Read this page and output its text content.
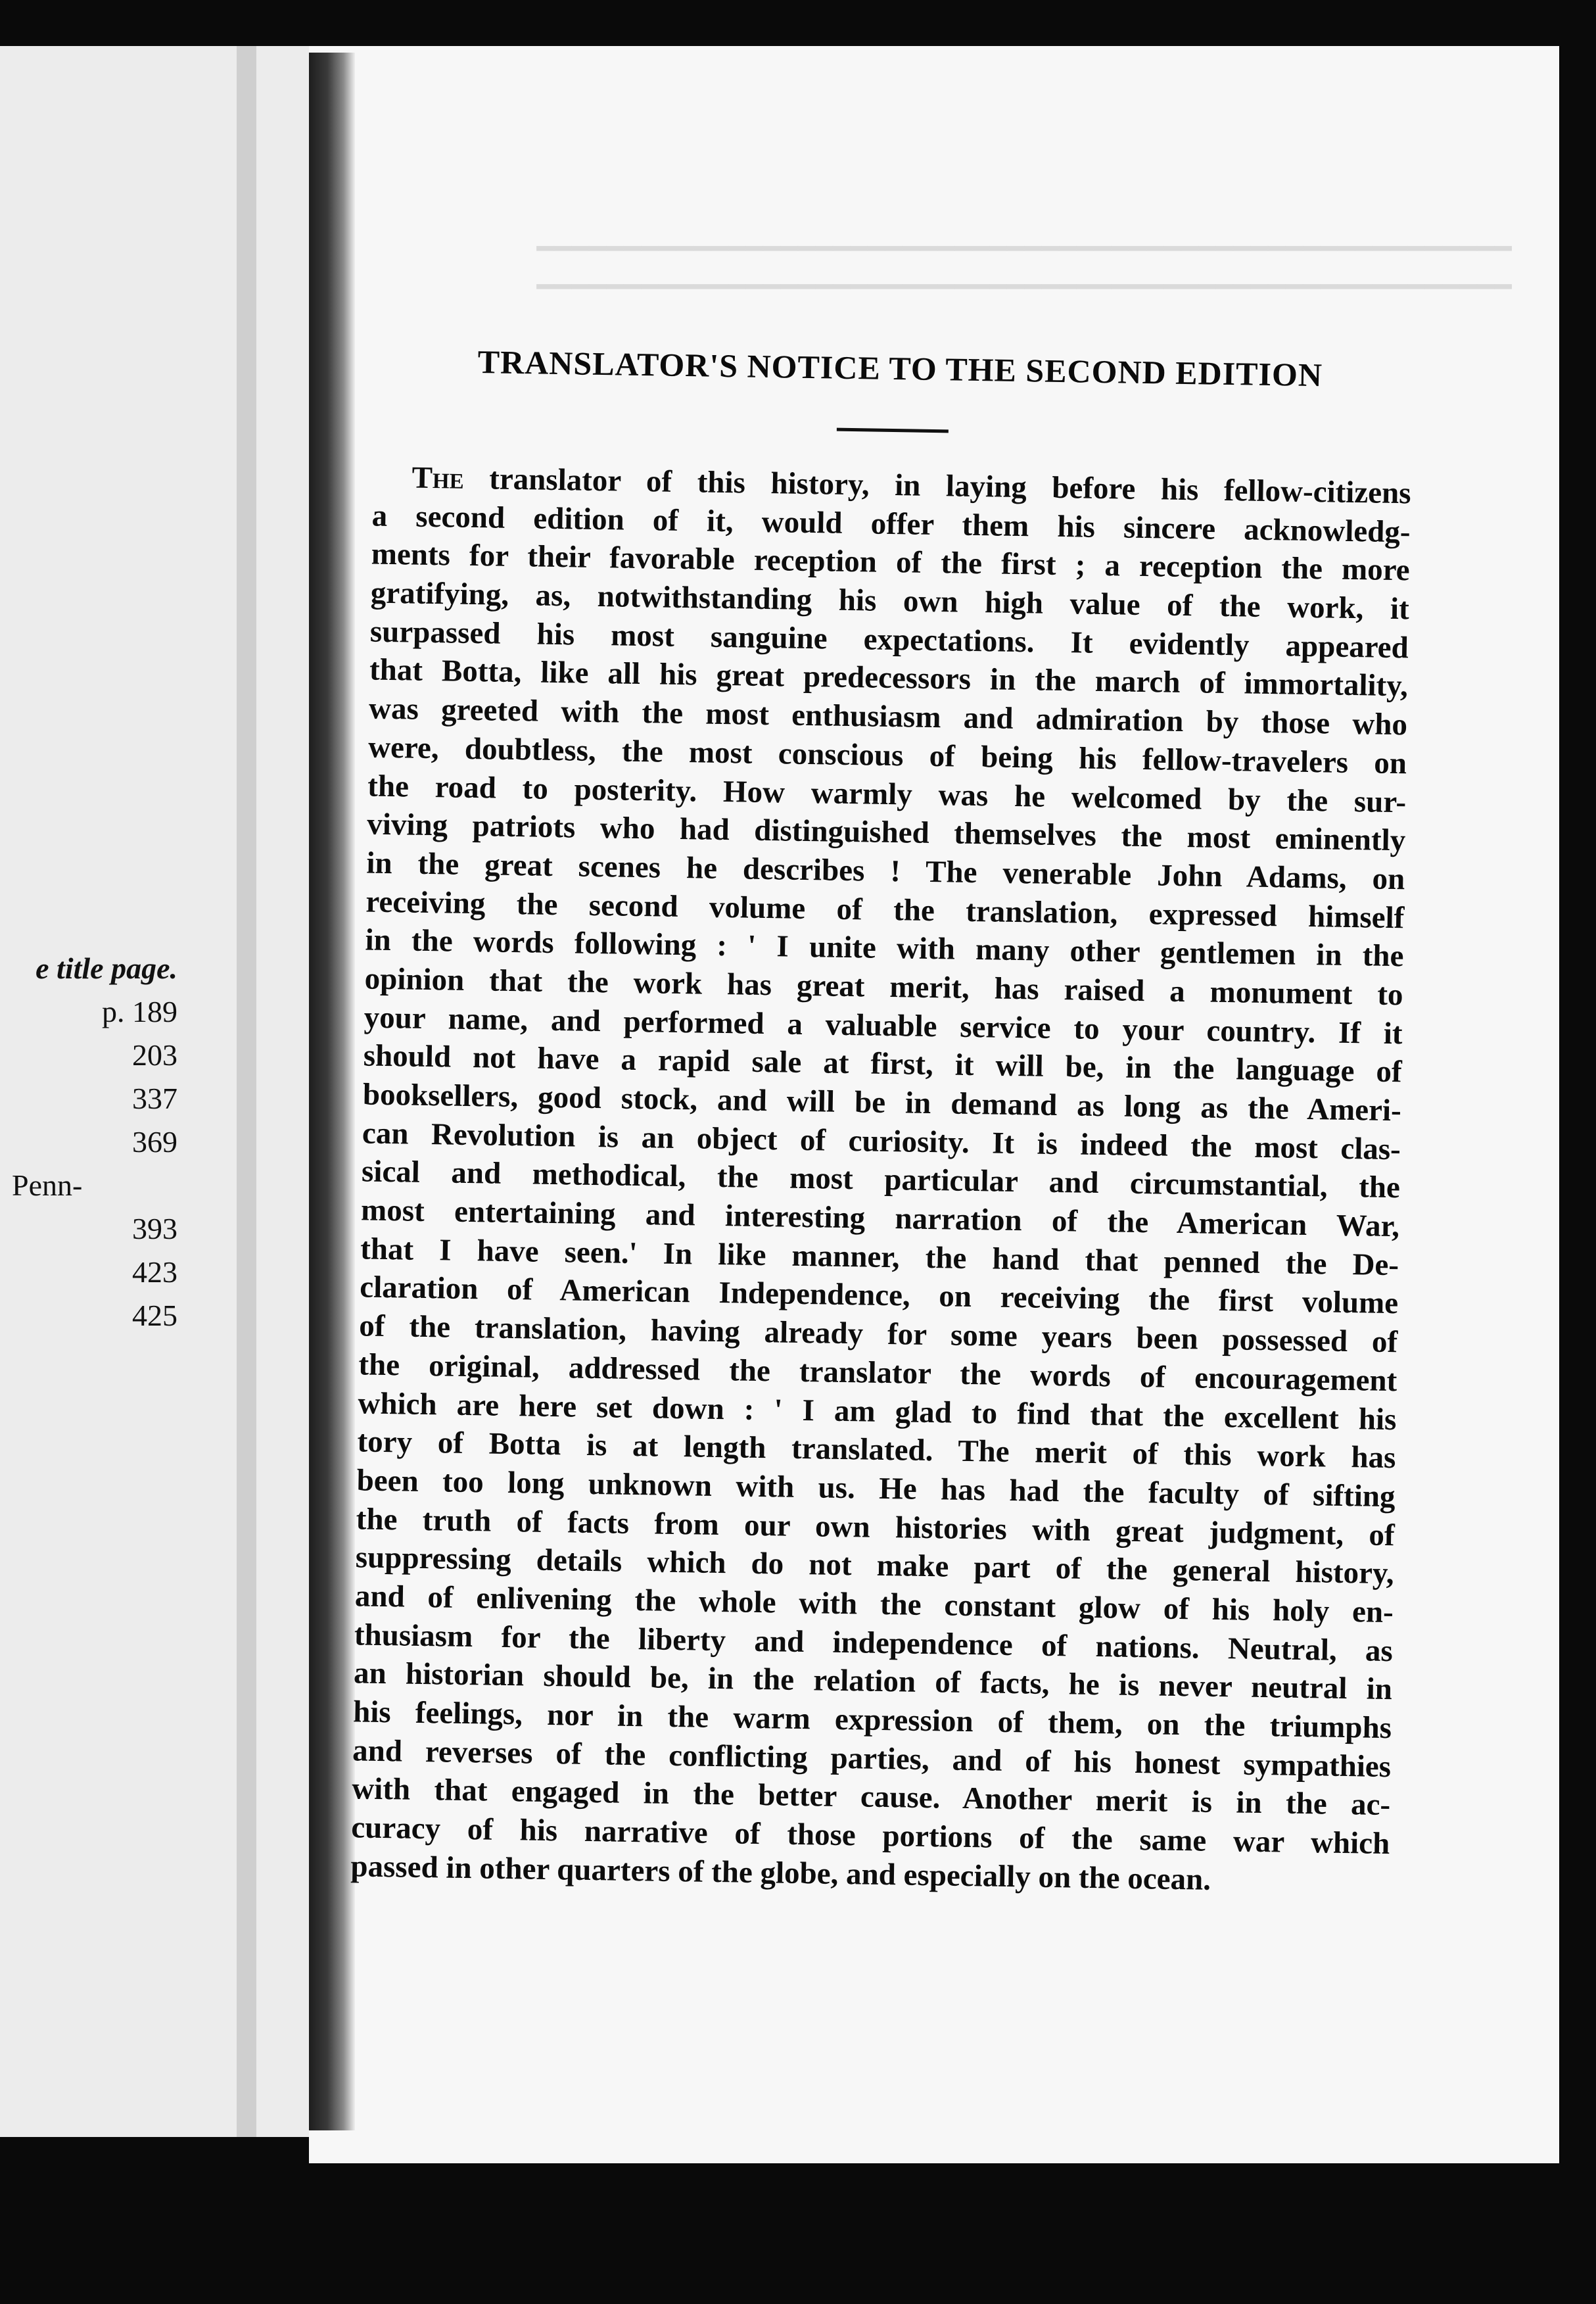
e title page.
p. 189
203
337
369
Penn-
393
423
425

━━━━━━━━━━━━━━━━━━━━━━━━━━━━━━━━━━━━━━━━━━━━━━━━━━━━━━━━

━━━━━━━━━━━━━━━━━━━━━━━━━━━━━━━━━━━━━━━━━━━━━━━━━━━━━━━━

TRANSLATOR'S NOTICE TO THE SECOND EDITION
The translator of this history, in laying before his fellow-citizens
a second edition of it, would offer them his sincere acknowledg-
ments for their favorable reception of the first ; a reception the more
gratifying, as, notwithstanding his own high value of the work, it
surpassed his most sanguine expectations. It evidently appeared
that Botta, like all his great predecessors in the march of immortality,
was greeted with the most enthusiasm and admiration by those who
were, doubtless, the most conscious of being his fellow-travelers on
the road to posterity. How warmly was he welcomed by the sur-
viving patriots who had distinguished themselves the most eminently
in the great scenes he describes ! The venerable John Adams, on
receiving the second volume of the translation, expressed himself
in the words following : ' I unite with many other gentlemen in the
opinion that the work has great merit, has raised a monument to
your name, and performed a valuable service to your country. If it
should not have a rapid sale at first, it will be, in the language of
booksellers, good stock, and will be in demand as long as the Ameri-
can Revolution is an object of curiosity. It is indeed the most clas-
sical and methodical, the most particular and circumstantial, the
most entertaining and interesting narration of the American War,
that I have seen.' In like manner, the hand that penned the De-
claration of American Independence, on receiving the first volume
of the translation, having already for some years been possessed of
the original, addressed the translator the words of encouragement
which are here set down : ' I am glad to find that the excellent his
tory of Botta is at length translated. The merit of this work has
been too long unknown with us. He has had the faculty of sifting
the truth of facts from our own histories with great judgment, of
suppressing details which do not make part of the general history,
and of enlivening the whole with the constant glow of his holy en-
thusiasm for the liberty and independence of nations. Neutral, as
an historian should be, in the relation of facts, he is never neutral in
his feelings, nor in the warm expression of them, on the triumphs
and reverses of the conflicting parties, and of his honest sympathies
with that engaged in the better cause. Another merit is in the ac-
curacy of his narrative of those portions of the same war which
passed in other quarters of the globe, and especially on the ocean.
